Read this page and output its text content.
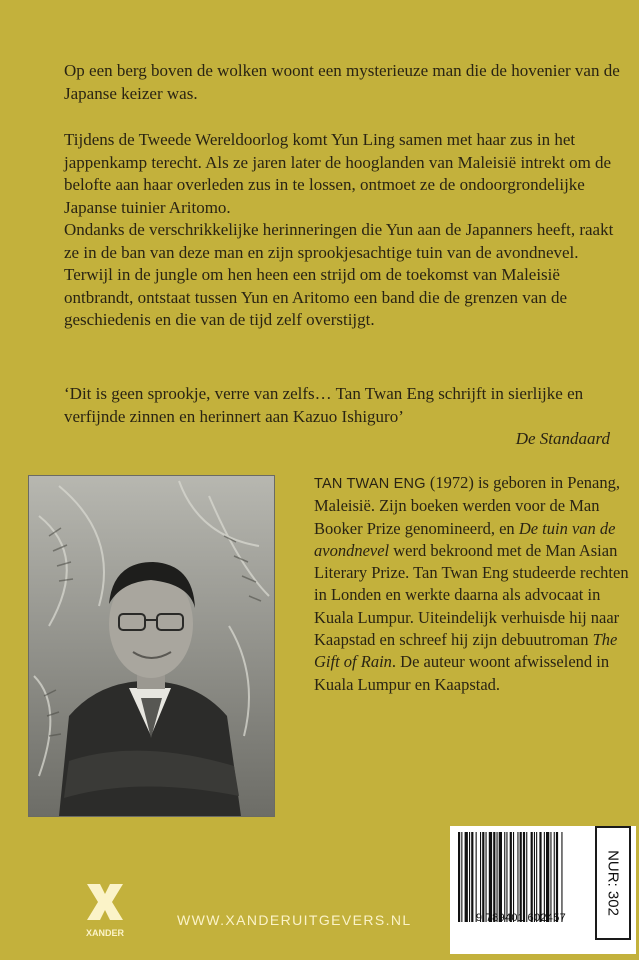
Op een berg boven de wolken woont een mysterieuze man die de hovenier van de Japanse keizer was.

Tijdens de Tweede Wereldoorlog komt Yun Ling samen met haar zus in het jappenkamp terecht. Als ze jaren later de hooglanden van Maleisië intrekt om de belofte aan haar overleden zus in te lossen, ontmoet ze de ondoorgrondelijke Japanse tuinier Aritomo.
Ondanks de verschrikkelijke herinneringen die Yun aan de Japanners heeft, raakt ze in de ban van deze man en zijn sprookjesachtige tuin van de avondnevel.
Terwijl in de jungle om hen heen een strijd om de toekomst van Maleisië ontbrandt, ontstaat tussen Yun en Aritomo een band die de grenzen van de geschiedenis en die van de tijd zelf overstijgt.

‘Dit is geen sprookje, verre van zelfs… Tan Twan Eng schrijft in sierlijke en verfijnde zinnen en herinnert aan Kazuo Ishiguro’
De Standaard

TAN TWAN ENG (1972) is geboren in Penang, Maleisië. Zijn boeken werden voor de Man Booker Prize genomineerd, en De tuin van de avondnevel werd bekroond met de Man Asian Literary Prize. Tan Twan Eng studeerde rechten in Londen en werkte daarna als advocaat in Kuala Lumpur. Uiteindelijk verhuisde hij naar Kaapstad en schreef hij zijn debuutroman The Gift of Rain. De auteur woont afwisselend in Kuala Lumpur en Kaapstad.

XANDER
WWW.XANDERUITGEVERS.NL	9 789401 602457
NUR: 302
